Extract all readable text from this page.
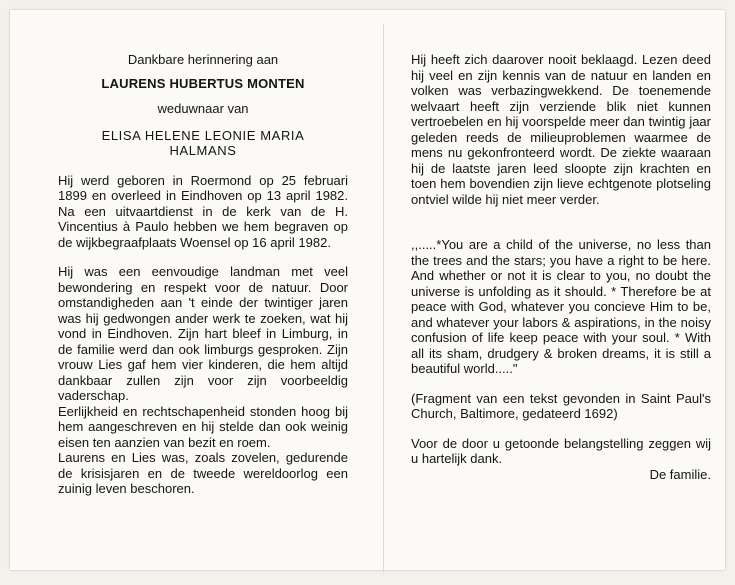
Dankbare herinnering aan

LAURENS HUBERTUS MONTEN

weduwnaar van

ELISA HELENE LEONIE MARIA

HALMANS

Hij werd geboren in Roermond op 25 februari 1899 en overleed in Eindhoven op 13 april 1982. Na een uitvaartdienst in de kerk van de H. Vincentius à Paulo hebben we hem begraven op de wijkbegraafplaats Woensel op 16 april 1982.

Hij was een eenvoudige landman met veel bewondering en respekt voor de natuur. Door omstandigheden aan 't einde der twintiger jaren was hij gedwongen ander werk te zoeken, wat hij vond in Eindhoven. Zijn hart bleef in Limburg, in de familie werd dan ook limburgs gesproken. Zijn vrouw Lies gaf hem vier kinderen, die hem altijd dankbaar zullen zijn voor zijn voorbeeldig vaderschap.

Eerlijkheid en rechtschapenheid stonden hoog bij hem aangeschreven en hij stelde dan ook weinig eisen ten aanzien van bezit en roem.

Laurens en Lies was, zoals zovelen, gedurende de krisisjaren en de tweede wereldoorlog een zuinig leven beschoren.

Hij heeft zich daarover nooit beklaagd. Lezen deed hij veel en zijn kennis van de natuur en landen en volken was verbazingwekkend. De toenemende welvaart heeft zijn verziende blik niet kunnen vertroebelen en hij voorspelde meer dan twintig jaar geleden reeds de milieuproblemen waarmee de mens nu gekonfronteerd wordt. De ziekte waaraan hij de laatste jaren leed sloopte zijn krachten en toen hem bovendien zijn lieve echtgenote plotseling ontviel wilde hij niet meer verder.

,,.....*You are a child of the universe, no less than the trees and the stars; you have a right to be here. And whether or not it is clear to you, no doubt the universe is unfolding as it should. * Therefore be at peace with God, whatever you concieve Him to be, and whatever your labors & aspirations, in the noisy confusion of life keep peace with your soul. * With all its sham, drudgery & broken dreams, it is still a beautiful world....."

(Fragment van een tekst gevonden in Saint Paul's Church, Baltimore, gedateerd 1692)

Voor de door u getoonde belangstelling zeggen wij u hartelijk dank.

De familie.
